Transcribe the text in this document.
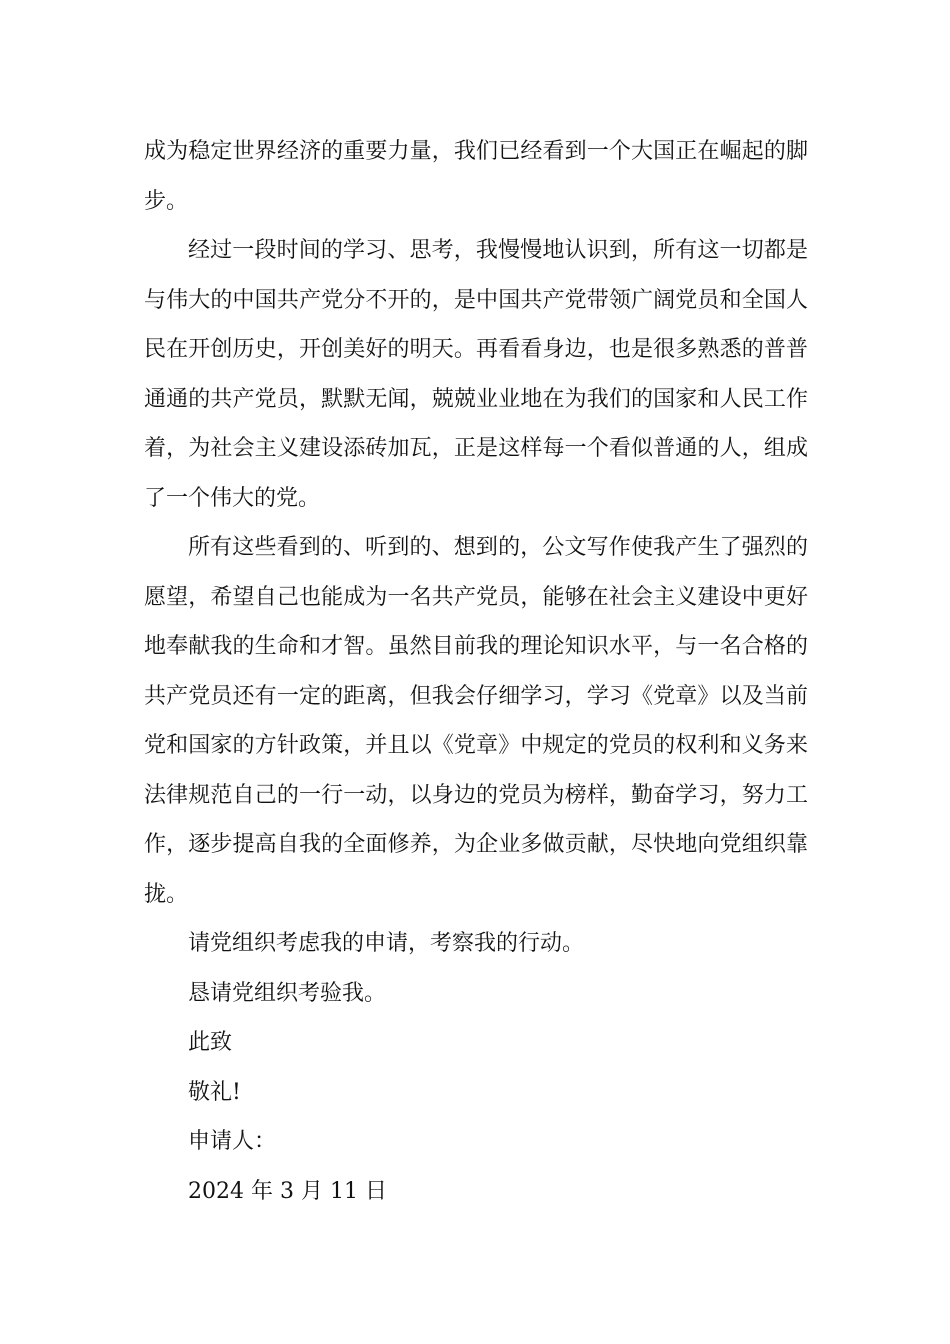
成为稳定世界经济的重要力量，我们已经看到一个大国正在崛起的脚步。

经过一段时间的学习、思考，我慢慢地认识到，所有这一切都是与伟大的中国共产党分不开的，是中国共产党带领广阔党员和全国人民在开创历史，开创美好的明天。再看看身边，也是很多熟悉的普普通通的共产党员，默默无闻，兢兢业业地在为我们的国家和人民工作着，为社会主义建设添砖加瓦，正是这样每一个看似普通的人，组成了一个伟大的党。

所有这些看到的、听到的、想到的，公文写作使我产生了强烈的愿望，希望自己也能成为一名共产党员，能够在社会主义建设中更好地奉献我的生命和才智。虽然目前我的理论知识水平，与一名合格的共产党员还有一定的距离，但我会仔细学习，学习《党章》以及当前党和国家的方针政策，并且以《党章》中规定的党员的权利和义务来法律规范自己的一行一动，以身边的党员为榜样，勤奋学习，努力工作，逐步提高自我的全面修养，为企业多做贡献，尽快地向党组织靠拢。

请党组织考虑我的申请，考察我的行动。

恳请党组织考验我。

此致

敬礼!

申请人：

2024 年 3 月 11 日
